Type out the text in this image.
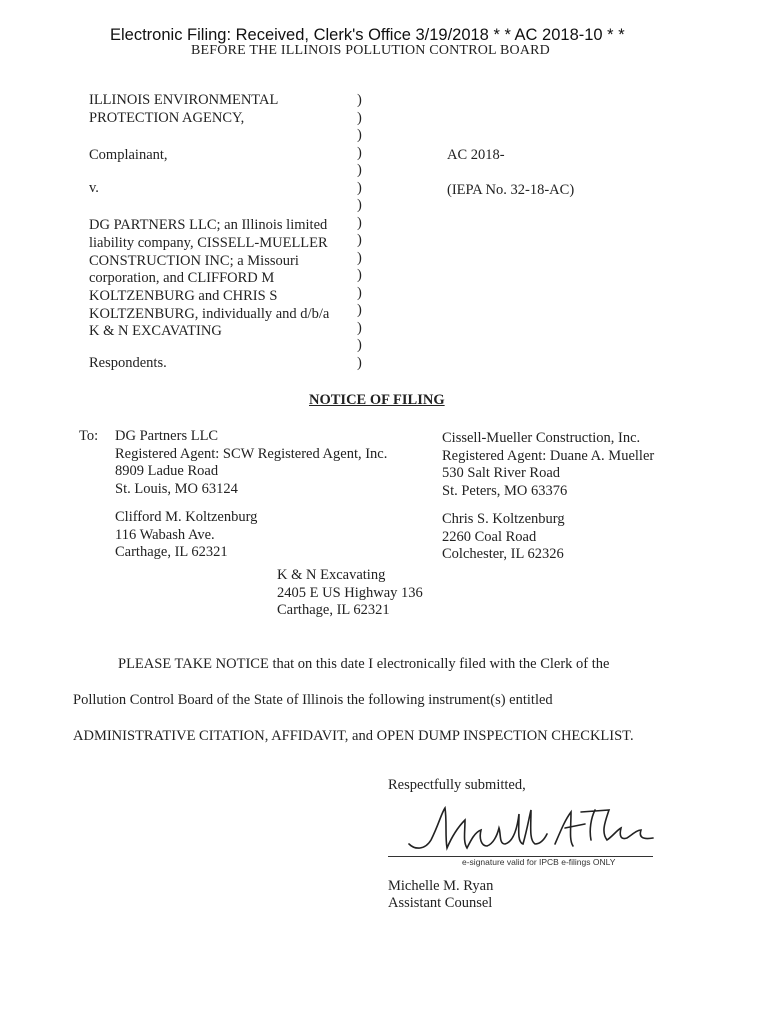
Electronic Filing: Received, Clerk's Office 3/19/2018 * * AC 2018-10 * *
BEFORE THE ILLINOIS POLLUTION CONTROL BOARD
ILLINOIS ENVIRONMENTAL
PROTECTION AGENCY,
Complainant,
v.
DG PARTNERS LLC; an Illinois limited
liability company, CISSELL-MUELLER
CONSTRUCTION INC; a Missouri
corporation, and CLIFFORD M
KOLTZENBURG and CHRIS S
KOLTZENBURG, individually and d/b/a
K & N EXCAVATING
Respondents.
)
)
)
)
)
)
)
)
)
)
)
)
)
)
)
)
AC 2018-
(IEPA No. 32-18-AC)
NOTICE OF FILING
To: DG Partners LLC
Registered Agent: SCW Registered Agent, Inc.
8909 Ladue Road
St. Louis, MO 63124
Cissell-Mueller Construction, Inc.
Registered Agent: Duane A. Mueller
530 Salt River Road
St. Peters, MO 63376
Clifford M. Koltzenburg
116 Wabash Ave.
Carthage, IL 62321
Chris S. Koltzenburg
2260 Coal Road
Colchester, IL 62326
K & N Excavating
2405 E US Highway 136
Carthage, IL 62321
PLEASE TAKE NOTICE that on this date I electronically filed with the Clerk of the
Pollution Control Board of the State of Illinois the following instrument(s) entitled
ADMINISTRATIVE CITATION, AFFIDAVIT, and OPEN DUMP INSPECTION CHECKLIST.
Respectfully submitted,
e-signature valid for IPCB e-filings ONLY
Michelle M. Ryan
Assistant Counsel
